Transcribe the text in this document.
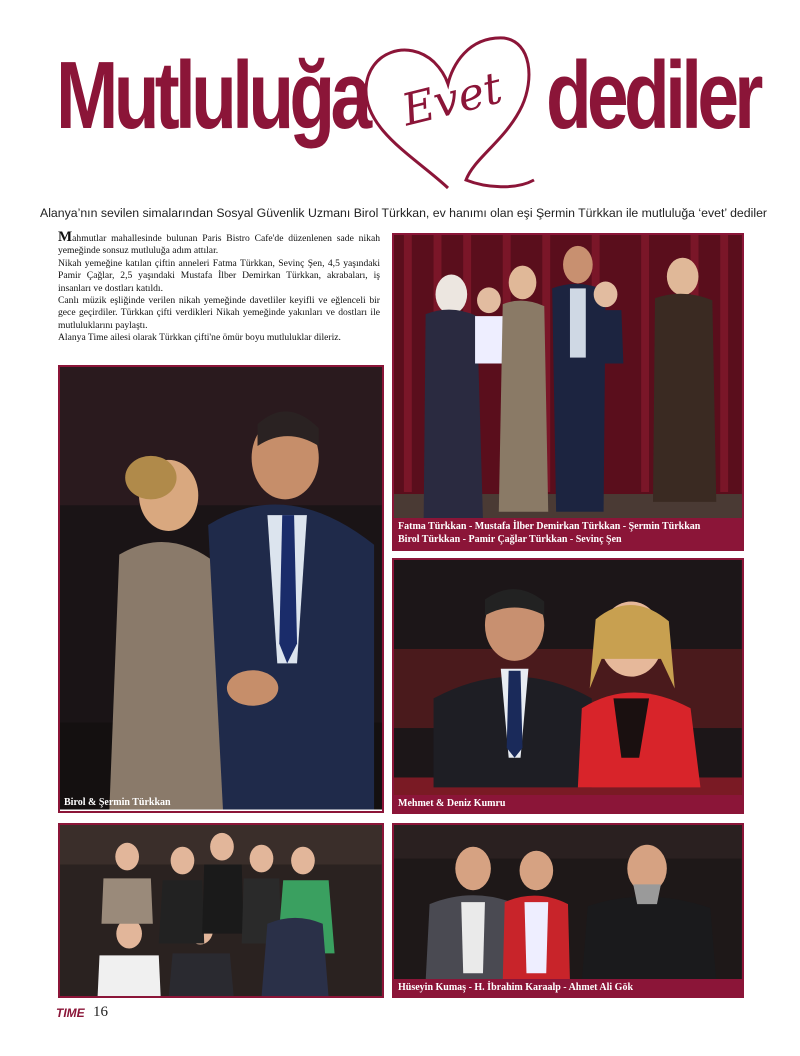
Mutluluğa Evet dediler
Alanya’nın sevilen simalarından Sosyal Güvenlik Uzmanı Birol Türkkan, ev hanımı olan eşi Şermin Türkkan ile mutluluğa ‘evet’ dediler

Mahmutlar mahallesinde bulunan Paris Bistro Cafe'de düzenlenen sade nikah yemeğinde sonsuz mutluluğa adım attılar.

Nikah yemeğine katılan çiftin anneleri Fatma Türkkan, Sevinç Şen, 4,5 yaşındaki Pamir Çağlar, 2,5 yaşındaki Mustafa İlber Demirkan Türkkan, akrabaları, iş insanları ve dostları katıldı.

Canlı müzik eşliğinde verilen nikah yemeğinde davetliler keyifli ve eğlenceli bir gece geçirdiler. Türkkan çifti verdikleri Nikah yemeğinde yakınları ve dostları ile mutluluklarını paylaştı.

Alanya Time ailesi olarak Türkkan çifti'ne ömür boyu mutluluklar dileriz.

Birol & Şermin Türkkan
Fatma Türkkan - Mustafa İlber Demirkan Türkkan - Şermin Türkkan
Birol Türkkan - Pamir Çağlar Türkkan - Sevinç Şen
Mehmet & Deniz Kumru
Hüseyin Kumaş - H. İbrahim Karaalp - Ahmet Ali Gök
TIME 16
